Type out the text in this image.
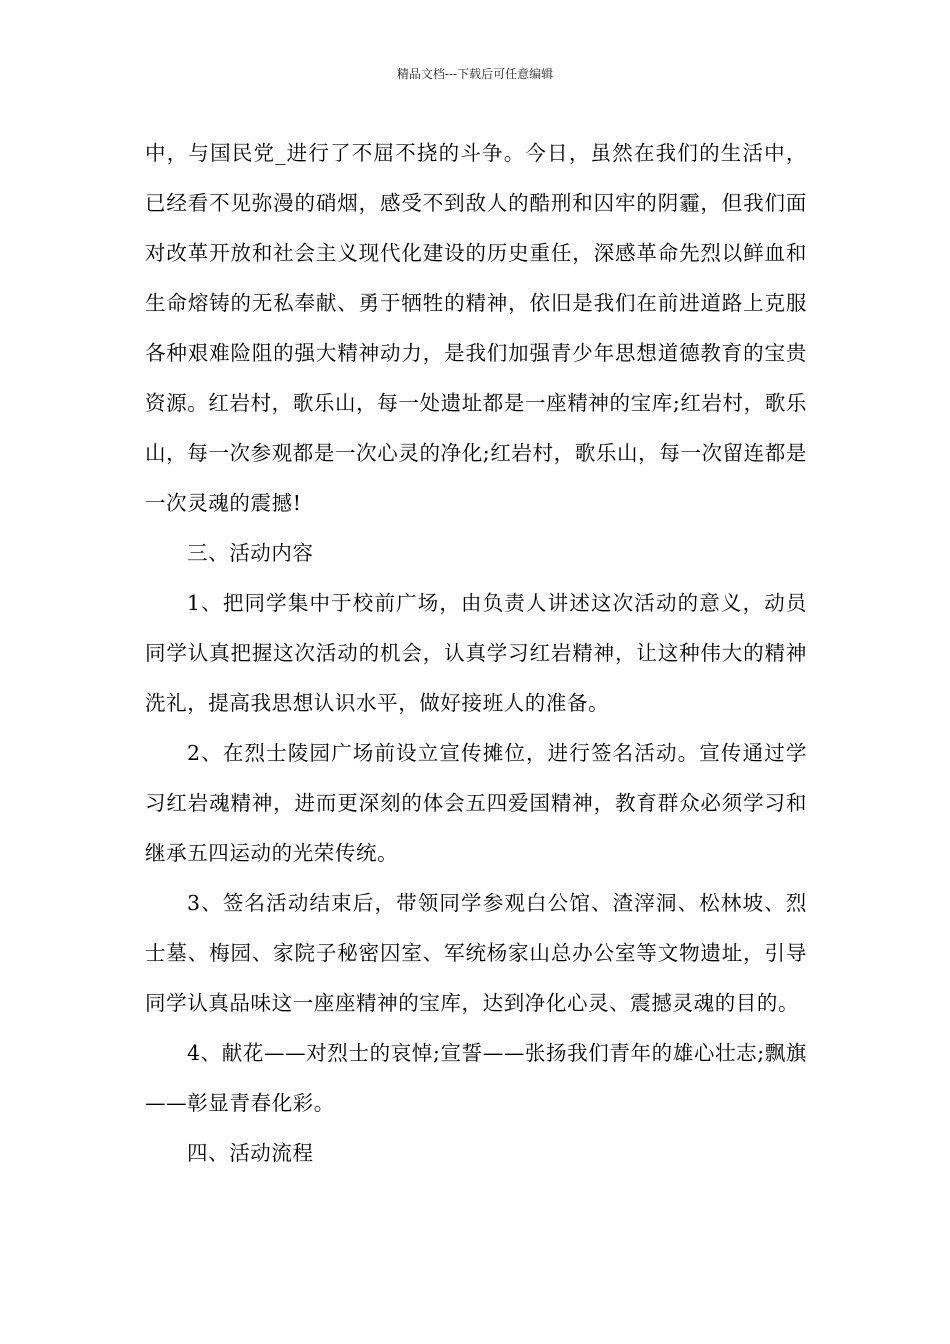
精品文档---下载后可任意编辑

中，与国民党_进行了不屈不挠的斗争。今日，虽然在我们的生活中，已经看不见弥漫的硝烟，感受不到敌人的酷刑和囚牢的阴霾，但我们面对改革开放和社会主义现代化建设的历史重任，深感革命先烈以鲜血和生命熔铸的无私奉献、勇于牺牲的精神，依旧是我们在前进道路上克服各种艰难险阻的强大精神动力，是我们加强青少年思想道德教育的宝贵资源。红岩村，歌乐山，每一处遗址都是一座精神的宝库;红岩村，歌乐山，每一次参观都是一次心灵的净化;红岩村，歌乐山，每一次留连都是一次灵魂的震撼!

三、活动内容

1、把同学集中于校前广场，由负责人讲述这次活动的意义，动员同学认真把握这次活动的机会，认真学习红岩精神，让这种伟大的精神洗礼，提高我思想认识水平，做好接班人的准备。

2、在烈士陵园广场前设立宣传摊位，进行签名活动。宣传通过学习红岩魂精神，进而更深刻的体会五四爱国精神，教育群众必须学习和继承五四运动的光荣传统。

3、签名活动结束后，带领同学参观白公馆、渣滓洞、松林坡、烈士墓、梅园、家院子秘密囚室、军统杨家山总办公室等文物遗址，引导同学认真品味这一座座精神的宝库，达到净化心灵、震撼灵魂的目的。

4、献花——对烈士的哀悼;宣誓——张扬我们青年的雄心壮志;飘旗——彰显青春化彩。

四、活动流程
